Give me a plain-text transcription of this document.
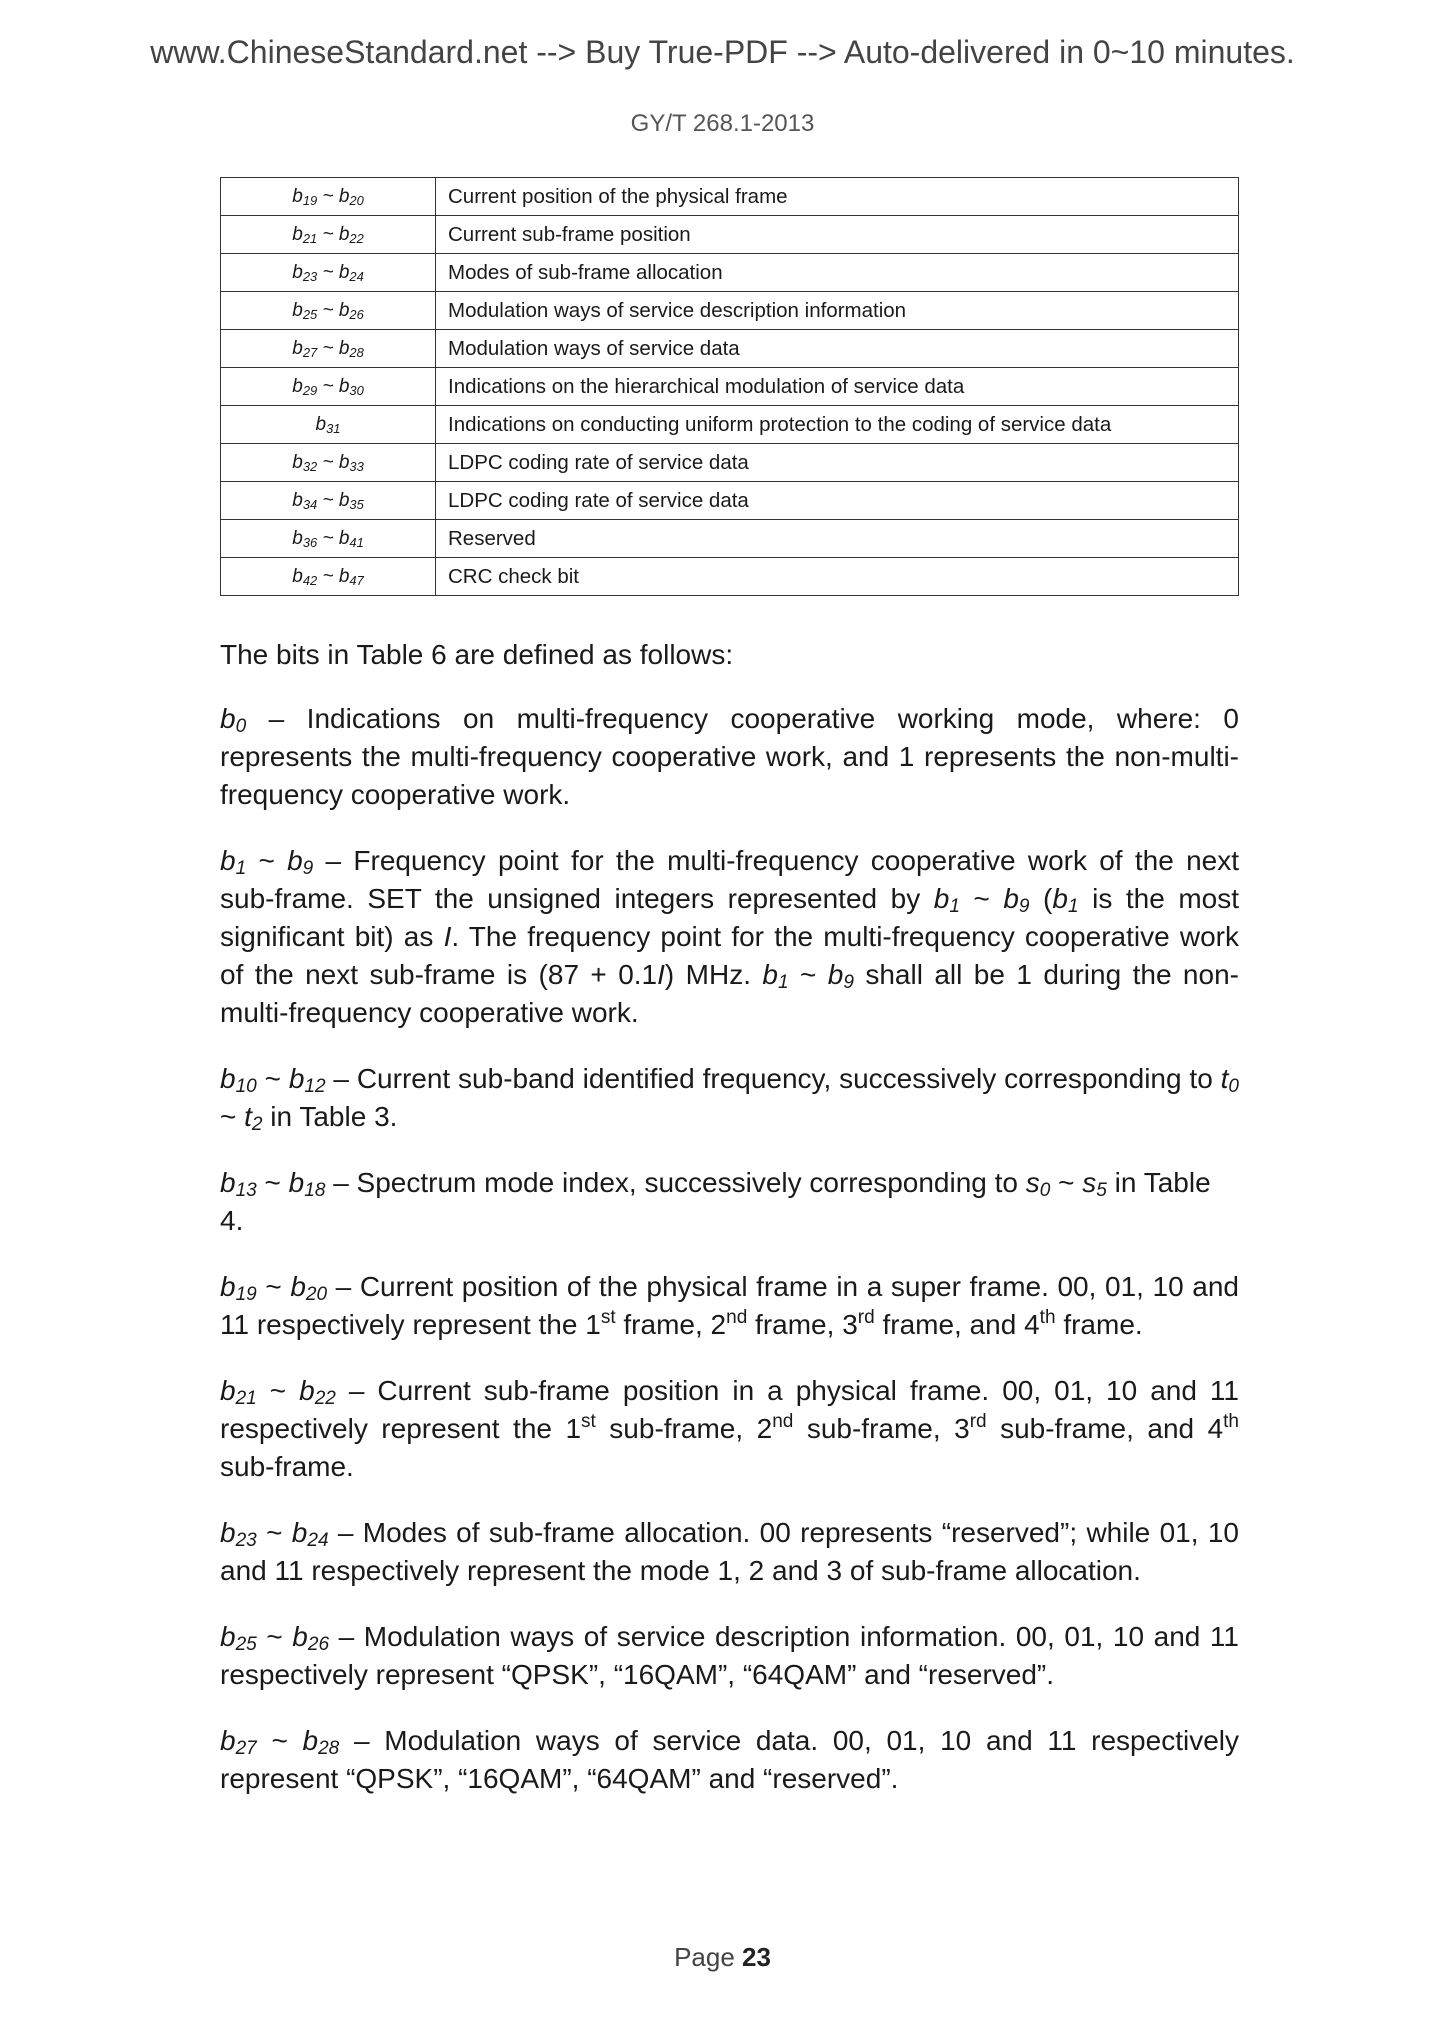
www.ChineseStandard.net --> Buy True-PDF --> Auto-delivered in 0~10 minutes.
GY/T 268.1-2013
$b_{19}$ ~ $b_{20}$	Current position of the physical frame
$b_{21}$ ~ $b_{22}$	Current sub-frame position
$b_{23}$ ~ $b_{24}$	Modes of sub-frame allocation
$b_{25}$ ~ $b_{26}$	Modulation ways of service description information
$b_{27}$ ~ $b_{28}$	Modulation ways of service data
$b_{29}$ ~ $b_{30}$	Indications on the hierarchical modulation of service data
$b_{31}$	Indications on conducting uniform protection to the coding of service data
$b_{32}$ ~ $b_{33}$	LDPC coding rate of service data
$b_{34}$ ~ $b_{35}$	LDPC coding rate of service data
$b_{36}$ ~ $b_{41}$	Reserved
$b_{42}$ ~ $b_{47}$	CRC check bit

The bits in Table 6 are defined as follows:

$b_0$ – Indications on multi-frequency cooperative working mode, where: 0 represents the multi-frequency cooperative work, and 1 represents the non-multi-frequency cooperative work.

$b_1$ ~ $b_9$ – Frequency point for the multi-frequency cooperative work of the next sub-frame. SET the unsigned integers represented by $b_1$ ~ $b_9$ ($b_1$ is the most significant bit) as I. The frequency point for the multi-frequency cooperative work of the next sub-frame is (87 + 0.1I) MHz. $b_1$ ~ $b_9$ shall all be 1 during the non-multi-frequency cooperative work.

$b_{10}$ ~ $b_{12}$ – Current sub-band identified frequency, successively corresponding to $t_0$ ~ $t_2$ in Table 3.

$b_{13}$ ~ $b_{18}$ – Spectrum mode index, successively corresponding to $s_0$ ~ $s_5$ in Table 4.

$b_{19}$ ~ $b_{20}$ – Current position of the physical frame in a super frame. 00, 01, 10 and 11 respectively represent the 1st frame, 2nd frame, 3rd frame, and 4th frame.

$b_{21}$ ~ $b_{22}$ – Current sub-frame position in a physical frame. 00, 01, 10 and 11 respectively represent the 1st sub-frame, 2nd sub-frame, 3rd sub-frame, and 4th sub-frame.

$b_{23}$ ~ $b_{24}$ – Modes of sub-frame allocation. 00 represents “reserved”; while 01, 10 and 11 respectively represent the mode 1, 2 and 3 of sub-frame allocation.

$b_{25}$ ~ $b_{26}$ – Modulation ways of service description information. 00, 01, 10 and 11 respectively represent “QPSK”, “16QAM”, “64QAM” and “reserved”.

$b_{27}$ ~ $b_{28}$ – Modulation ways of service data. 00, 01, 10 and 11 respectively represent “QPSK”, “16QAM”, “64QAM” and “reserved”.

Page 23
